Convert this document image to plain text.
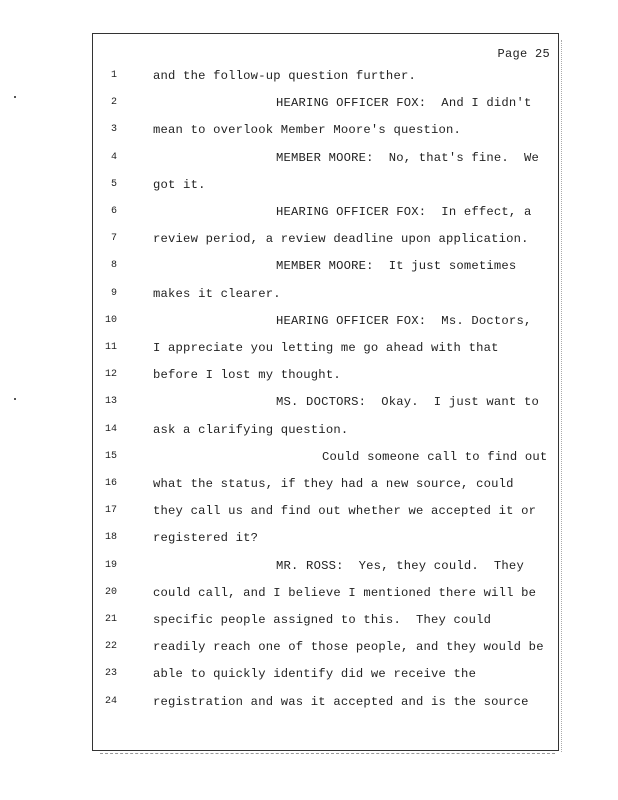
Page 25
1	and the follow-up question further.
2	HEARING OFFICER FOX:  And I didn't
3	mean to overlook Member Moore's question.
4	MEMBER MOORE:  No, that's fine.  We
5	got it.
6	HEARING OFFICER FOX:  In effect, a
7	review period, a review deadline upon application.
8	MEMBER MOORE:  It just sometimes
9	makes it clearer.
10	HEARING OFFICER FOX:  Ms. Doctors,
11	I appreciate you letting me go ahead with that
12	before I lost my thought.
13	MS. DOCTORS:  Okay.  I just want to
14	ask a clarifying question.
15	Could someone call to find out
16	what the status, if they had a new source, could
17	they call us and find out whether we accepted it or
18	registered it?
19	MR. ROSS:  Yes, they could.  They
20	could call, and I believe I mentioned there will be
21	specific people assigned to this.  They could
22	readily reach one of those people, and they would be
23	able to quickly identify did we receive the
24	registration and was it accepted and is the source
